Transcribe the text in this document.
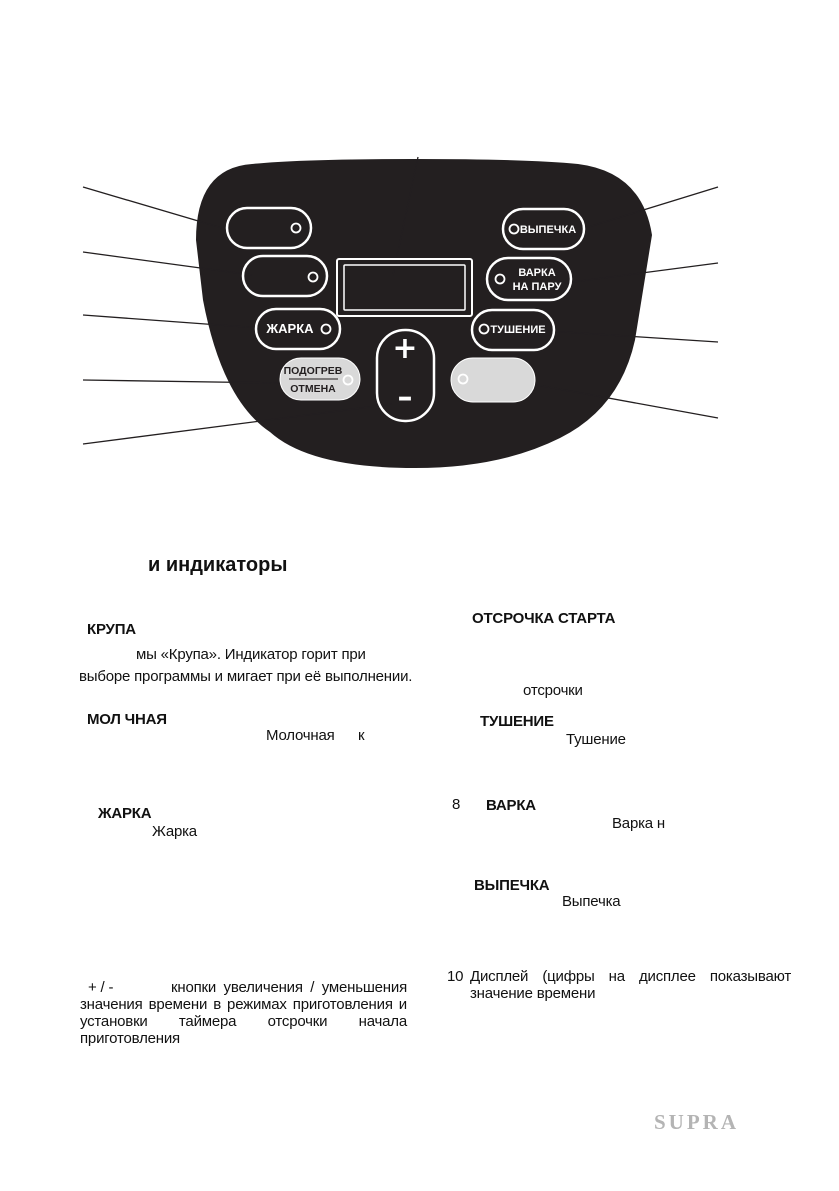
ЖАРКА
ПОДОГРЕВ
ОТМЕНА
+
–
ВЫПЕЧКА
ВАРКА
НА ПАРУ
ТУШЕНИЕ
и индикаторы
КРУПА
мы «Крупа». Индикатор горит при
выборе программы и мигает при её выполнении.
МОЛ ЧНАЯ
Молочная к
ЖАРКА
Жарка
+ / -	кнопки увеличения / уменьшения
значения времени в режимах приготовления и
установки таймера отсрочки начала
приготовления
ОТСРОЧКА СТАРТА
отсрочки
ТУШЕНИЕ
Тушение
8 ВАРКА
Варка н
ВЫПЕЧКА
Выпечка
10 Дисплей (цифры на дисплее показывают
значение времени
SUPRA
